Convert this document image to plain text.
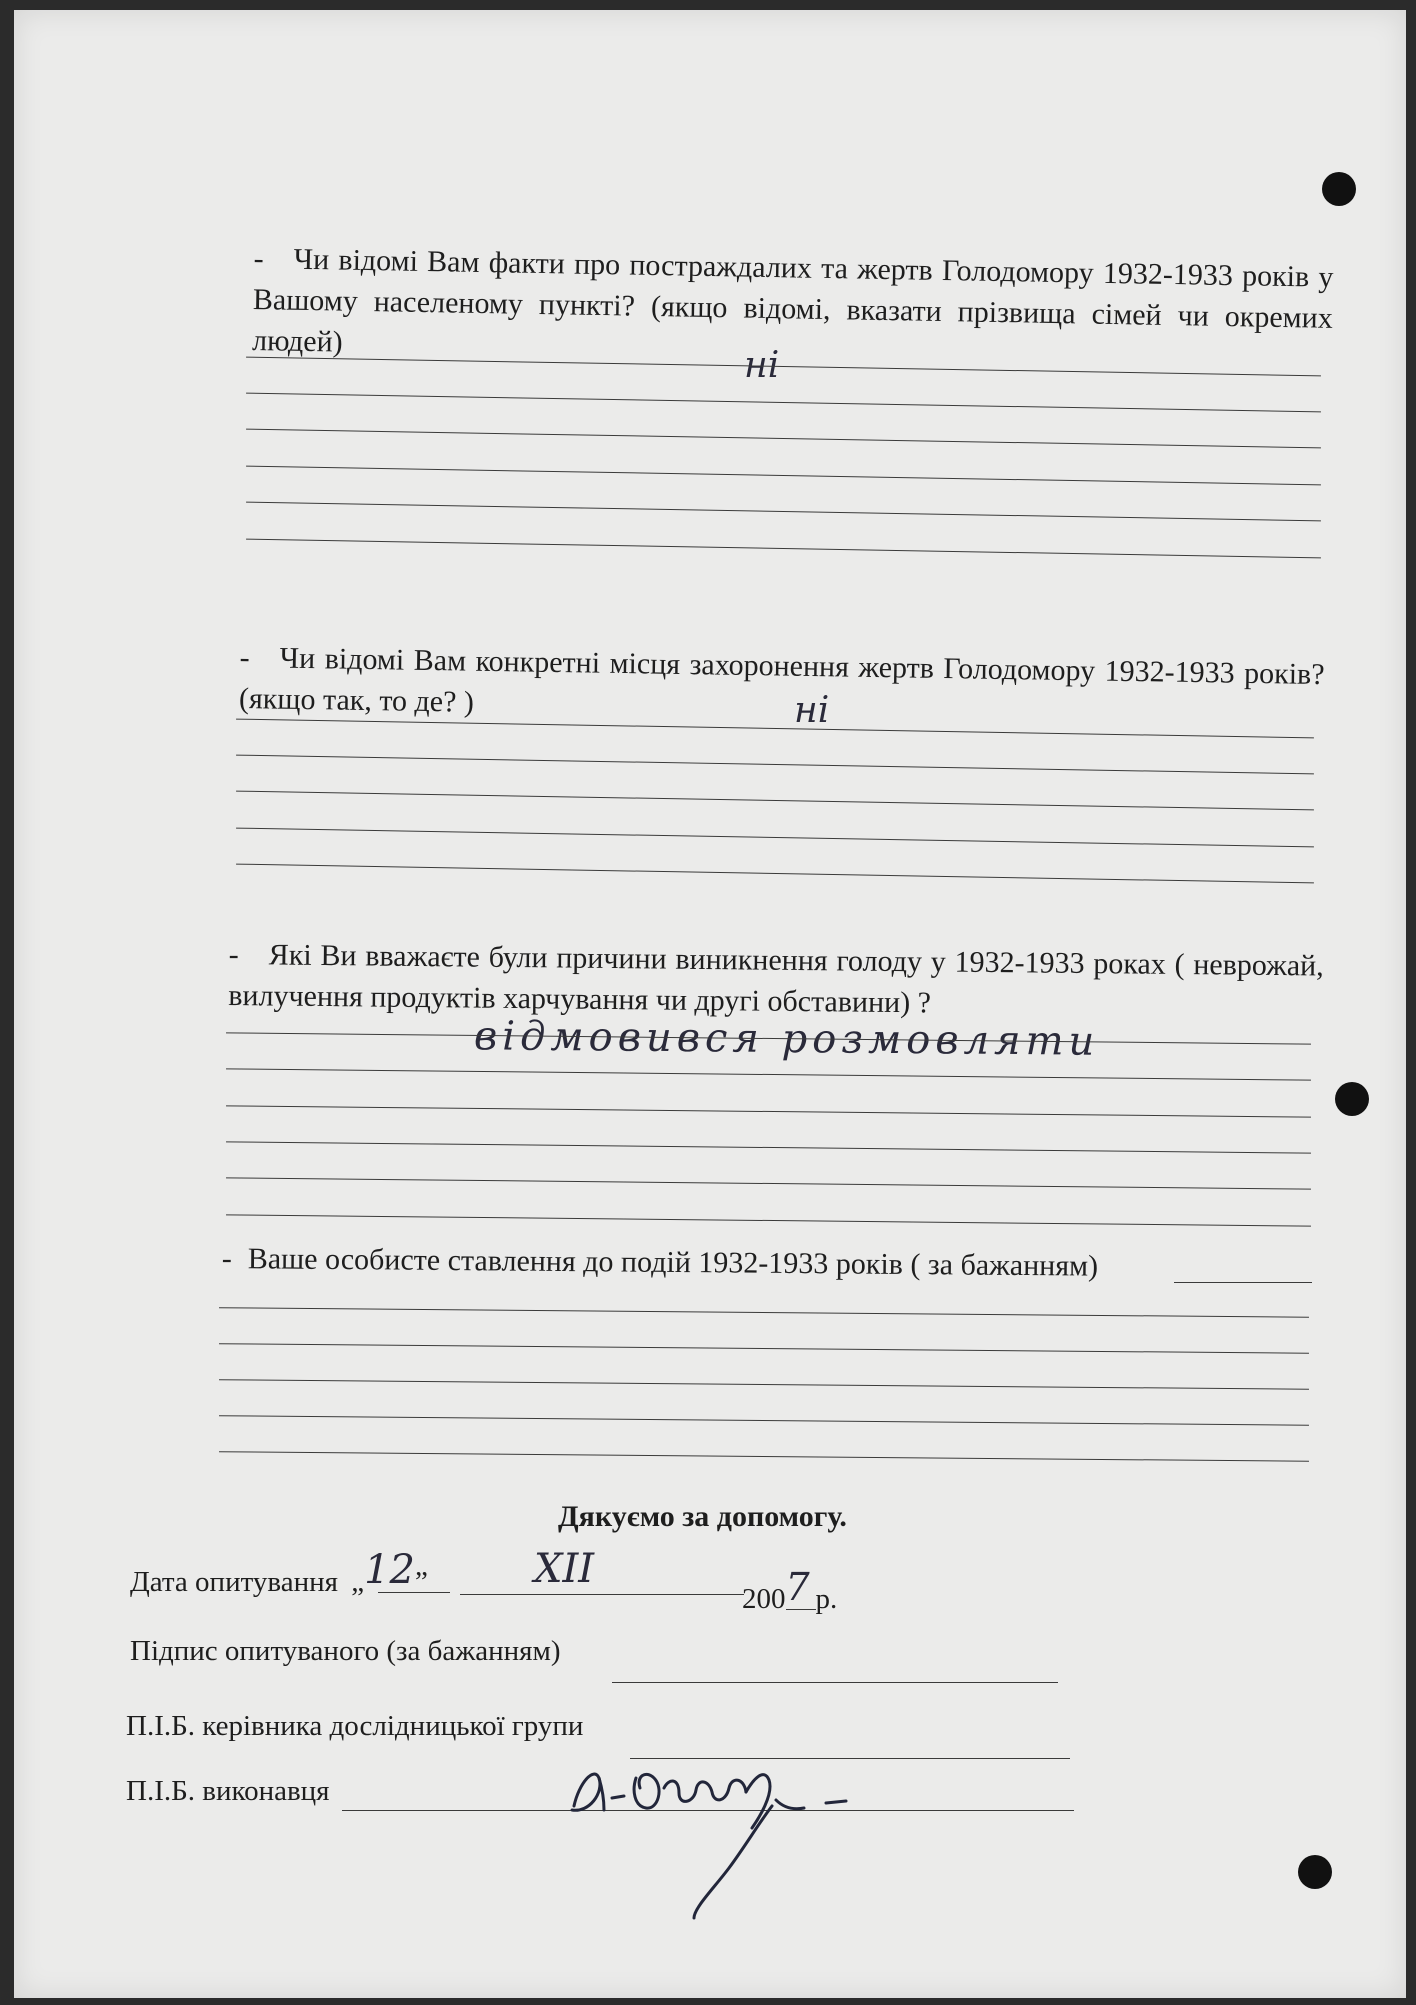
- Чи відомі Вам факти про постраждалих та жертв Голодомору 1932-1933 років у Вашому населеному пункті? (якщо відомі, вказати прізвища сімей чи окремих людей)
ні
- Чи відомі Вам конкретні місця захоронення жертв Голодомору 1932-1933 років? (якщо так, то де? )	ні
- Які Ви вважаєте були причини виникнення голоду у 1932-1933 роках ( неврожай, вилучення продуктів харчування чи другі обставини) ?
відмовився розмовляти
- Ваше особисте ставлення до подій 1932-1933 років ( за бажанням)
Дякуємо за допомогу.
Дата опитування „12”	XII
2007 р.
Підпис опитуваного (за бажанням)
П.І.Б. керівника дослідницької групи
П.І.Б. виконавця
